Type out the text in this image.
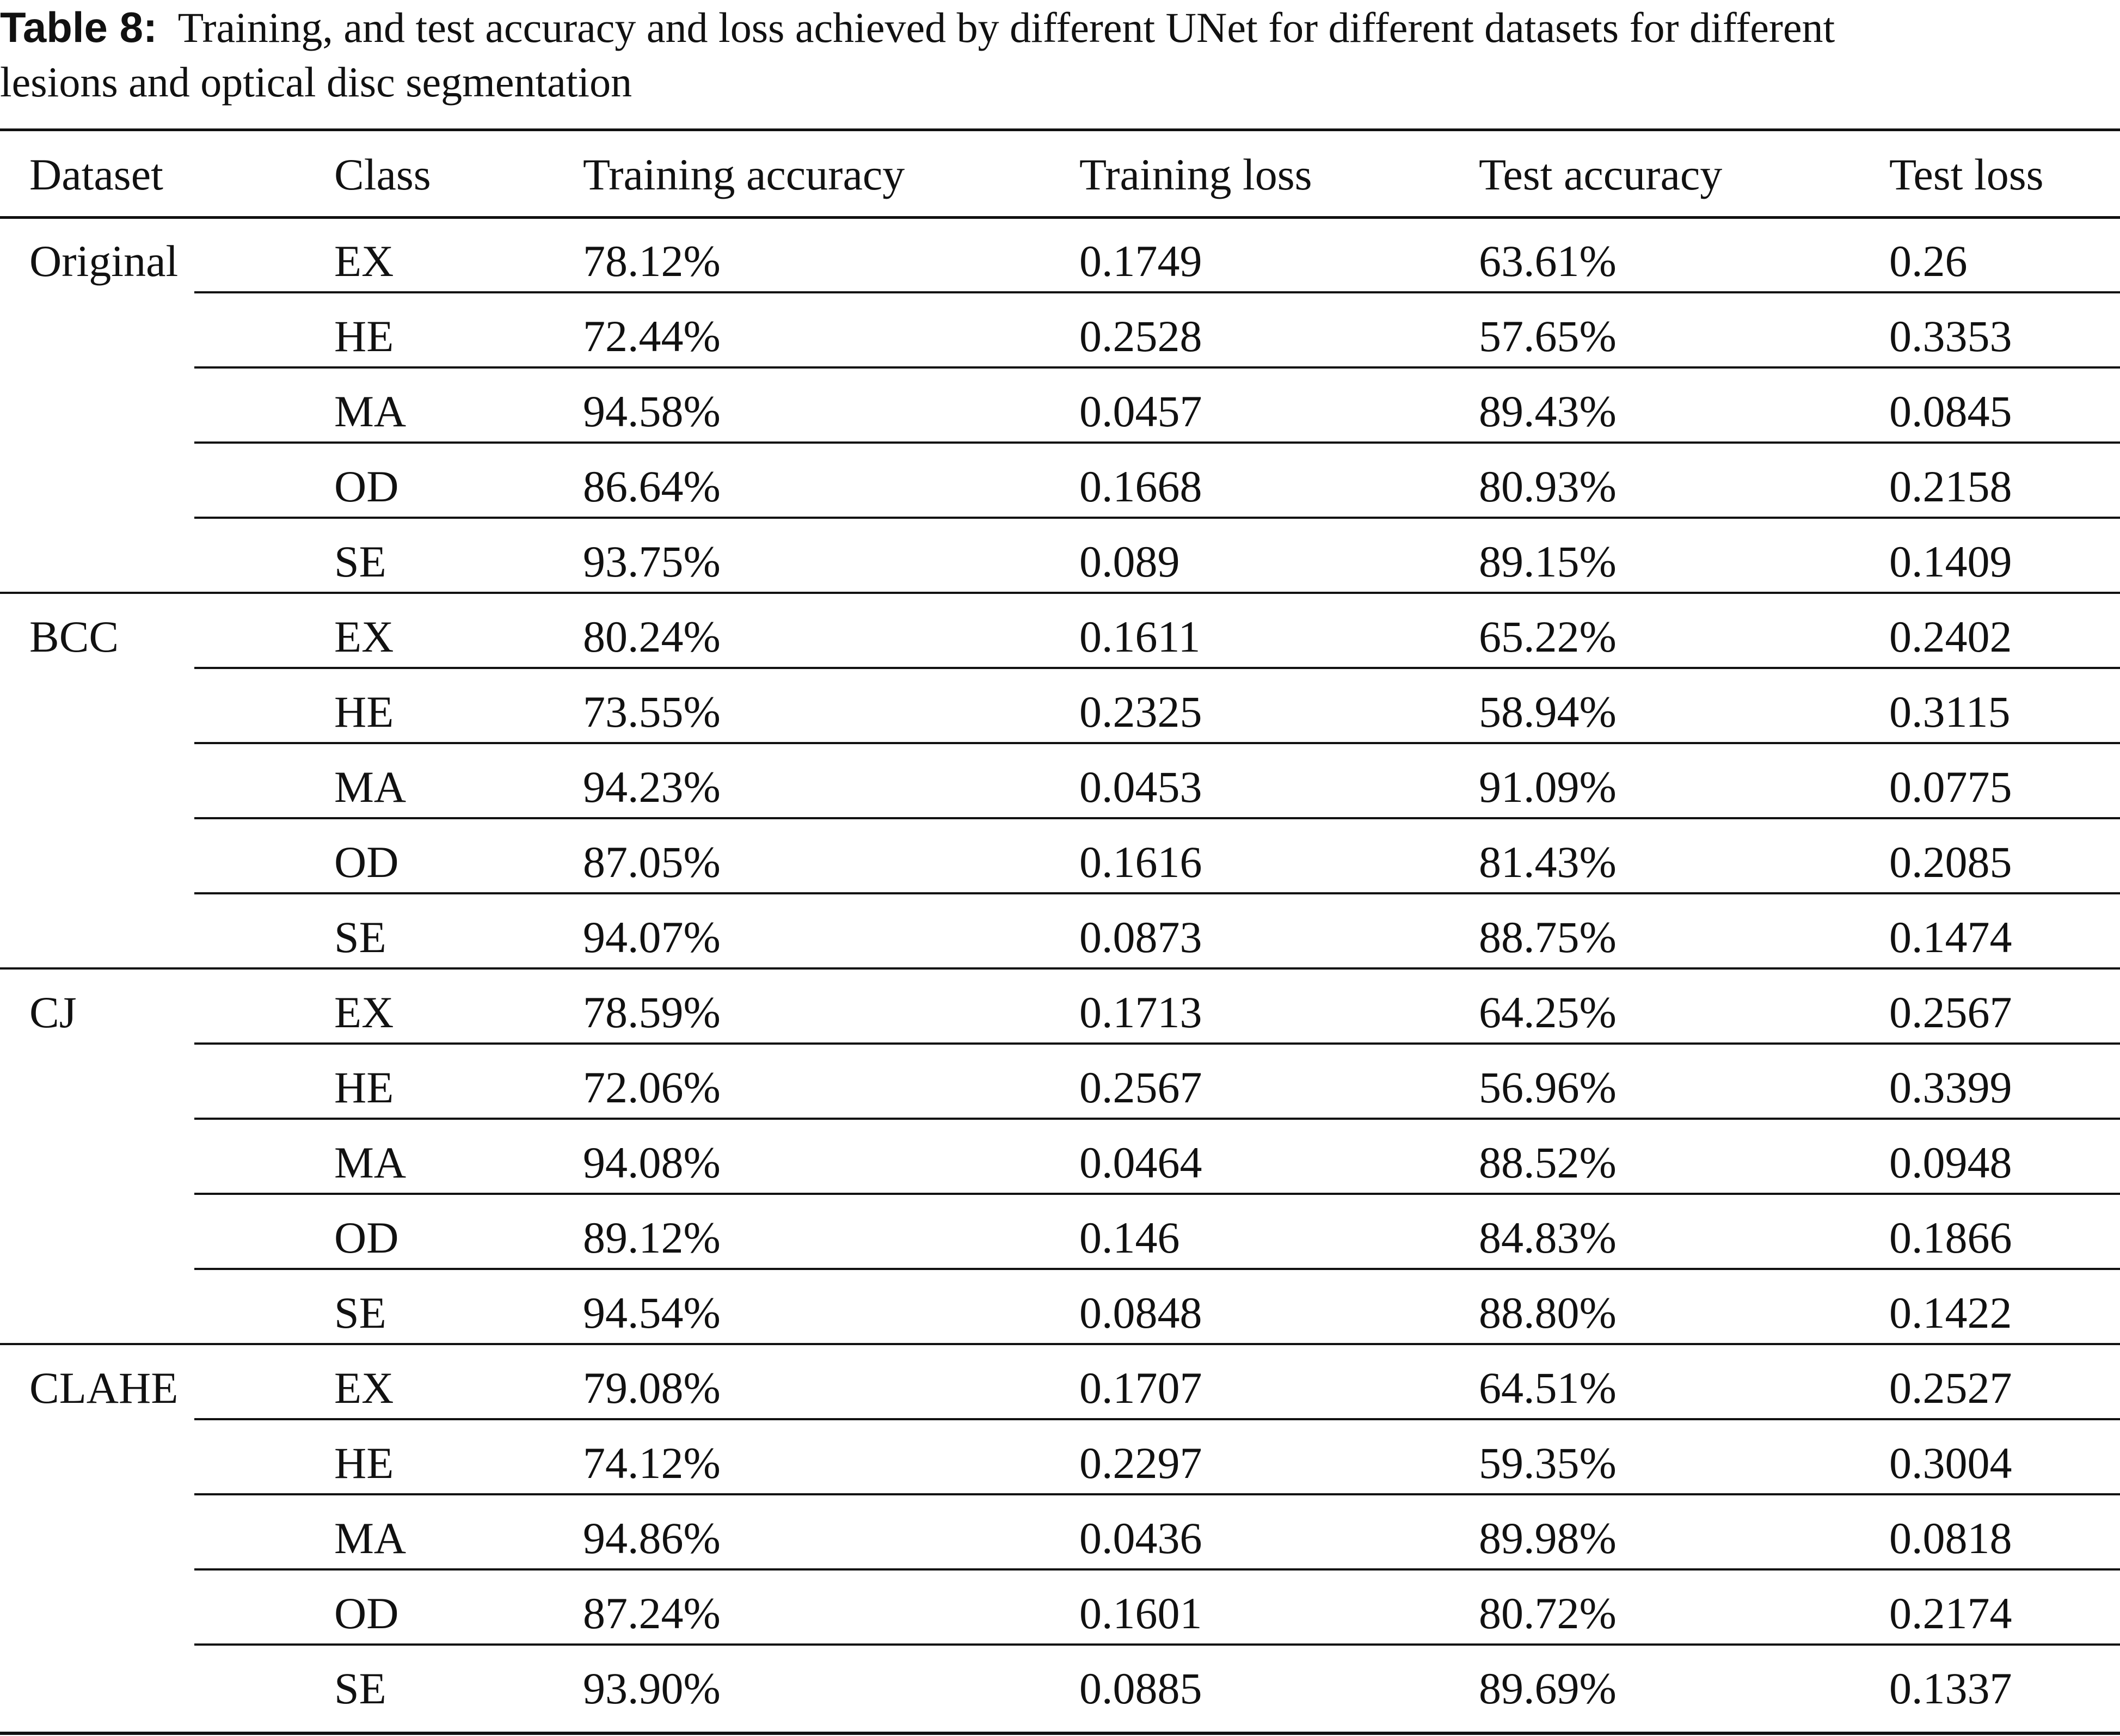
Table 8: Training, and test accuracy and loss achieved by different UNet for different datasets for different
lesions and optical disc segmentation
Dataset	Class	Training accuracy	Training loss	Test accuracy	Test loss
Original	EX	78.12%	0.1749	63.61%	0.26
HE	72.44%	0.2528	57.65%	0.3353
MA	94.58%	0.0457	89.43%	0.0845
OD	86.64%	0.1668	80.93%	0.2158
SE	93.75%	0.089	89.15%	0.1409
BCC	EX	80.24%	0.1611	65.22%	0.2402
HE	73.55%	0.2325	58.94%	0.3115
MA	94.23%	0.0453	91.09%	0.0775
OD	87.05%	0.1616	81.43%	0.2085
SE	94.07%	0.0873	88.75%	0.1474
CJ	EX	78.59%	0.1713	64.25%	0.2567
HE	72.06%	0.2567	56.96%	0.3399
MA	94.08%	0.0464	88.52%	0.0948
OD	89.12%	0.146	84.83%	0.1866
SE	94.54%	0.0848	88.80%	0.1422
CLAHE	EX	79.08%	0.1707	64.51%	0.2527
HE	74.12%	0.2297	59.35%	0.3004
MA	94.86%	0.0436	89.98%	0.0818
OD	87.24%	0.1601	80.72%	0.2174
SE	93.90%	0.0885	89.69%	0.1337
